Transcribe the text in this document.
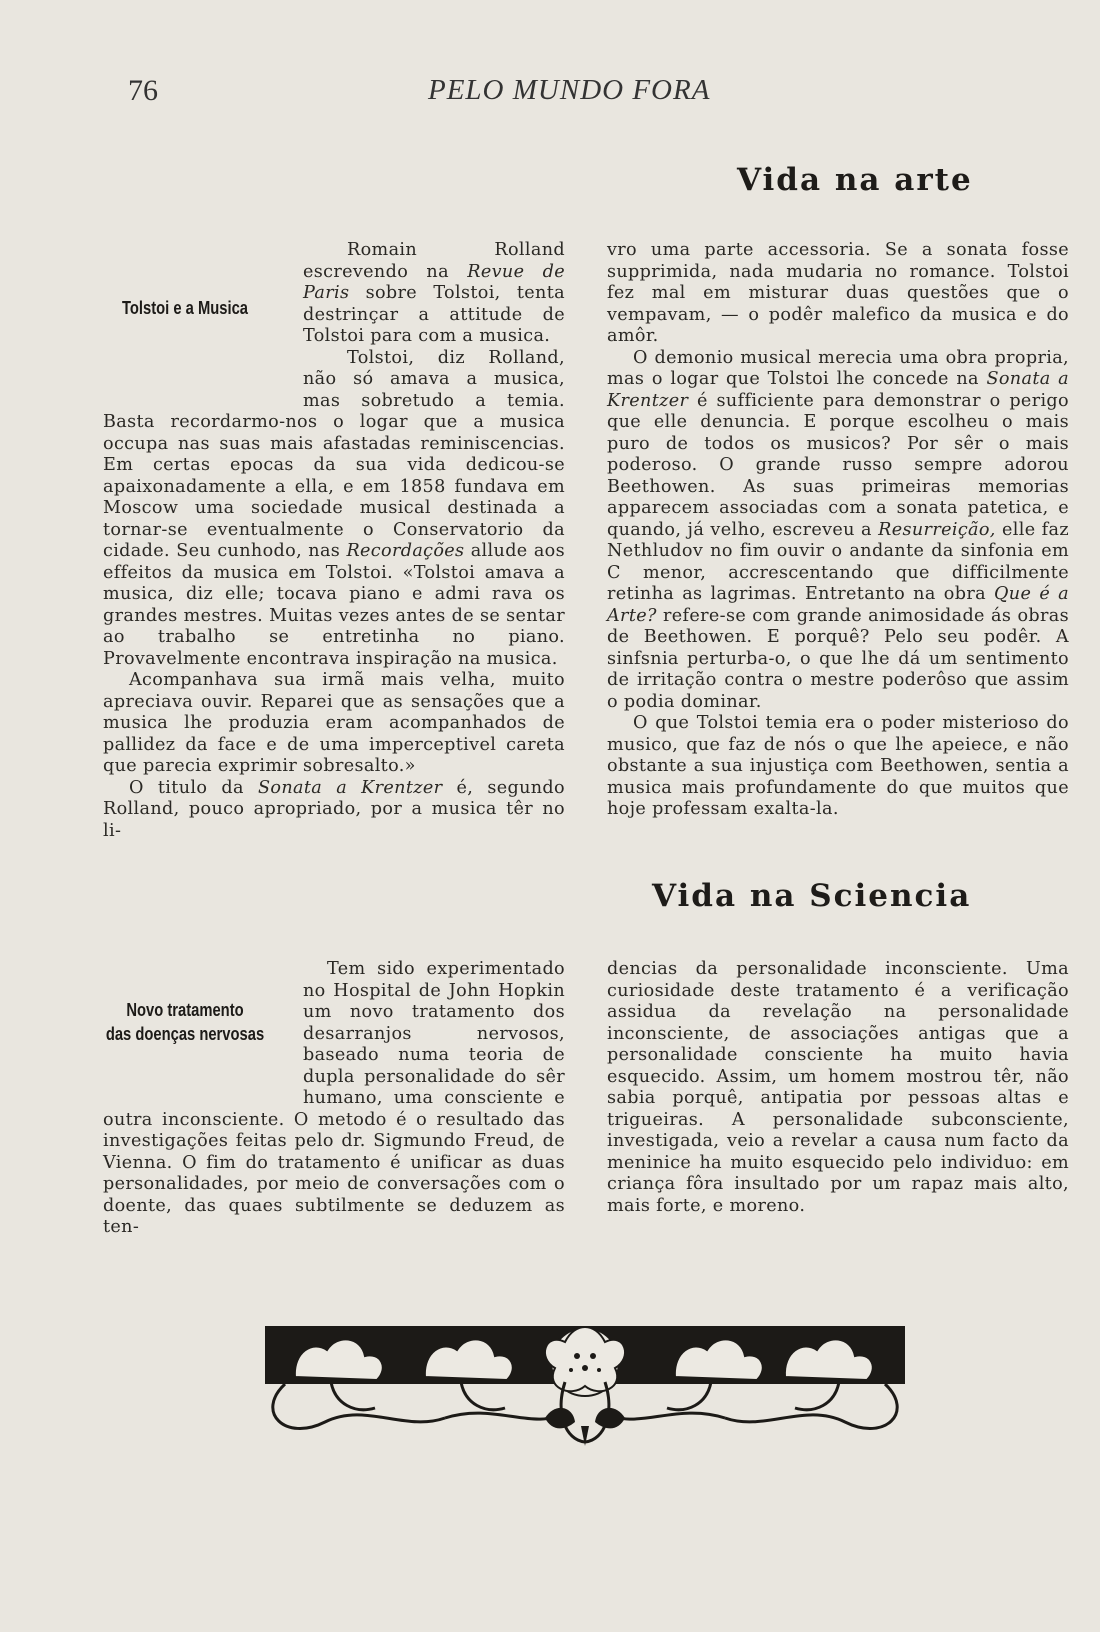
76	PELO MUNDO FORA
Vida na arte
Tolstoi e a Musica

Romain Rolland escrevendo na Revue de Paris sobre Tolstoi, tenta destrinçar a attitude de Tolstoi para com a musica.

Tolstoi, diz Rolland, não só amava a musica, mas sobretudo a temia. Basta recordarmo-nos o logar que a musica occupa nas suas mais afastadas reminiscencias. Em certas epocas da sua vida dedicou-se apaixonadamente a ella, e em 1858 fundava em Moscow uma sociedade musical destinada a tornar-se eventualmente o Conservatorio da cidade. Seu cunhodo, nas Recordações allude aos effeitos da musica em Tolstoi. «Tolstoi amava a musica, diz elle; tocava piano e admi rava os grandes mestres. Muitas vezes antes de se sentar ao trabalho se entretinha no piano. Provavelmente encontrava inspiração na musica.

Acompanhava sua irmã mais velha, muito apreciava ouvir. Reparei que as sensações que a musica lhe produzia eram acompanhados de pallidez da face e de uma imperceptivel careta que parecia exprimir sobresalto.»

O titulo da Sonata a Krentzer é, segundo Rolland, pouco apropriado, por a musica têr no li-

vro uma parte accessoria. Se a sonata fosse supprimida, nada mudaria no romance. Tolstoi fez mal em misturar duas questões que o vempavam, — o podêr malefico da musica e do amôr.

O demonio musical merecia uma obra propria, mas o logar que Tolstoi lhe concede na Sonata a Krentzer é sufficiente para demonstrar o perigo que elle denuncia. E porque escolheu o mais puro de todos os musicos? Por sêr o mais poderoso. O grande russo sempre adorou Beethowen. As suas primeiras memorias apparecem associadas com a sonata patetica, e quando, já velho, escreveu a Resurreição, elle faz Nethludov no fim ouvir o andante da sinfonia em C menor, accrescentando que difficilmente retinha as lagrimas. Entretanto na obra Que é a Arte? refere-se com grande animosidade ás obras de Beethowen. E porquê? Pelo seu podêr. A sinfsnia perturba-o, o que lhe dá um sentimento de irritação contra o mestre poderôso que assim o podia dominar.

O que Tolstoi temia era o poder misterioso do musico, que faz de nós o que lhe apeiece, e não obstante a sua injustiça com Beethowen, sentia a musica mais profundamente do que muitos que hoje professam exalta-la.

Vida na Sciencia
Novo tratamento
das doenças nervosas

Tem sido experimentado no Hospital de John Hopkin um novo tratamento dos desarranjos nervosos, baseado numa teoria de dupla personalidade do sêr humano, uma consciente e outra inconsciente. O metodo é o resultado das investigações feitas pelo dr. Sigmundo Freud, de Vienna. O fim do tratamento é unificar as duas personalidades, por meio de conversações com o doente, das quaes subtilmente se deduzem as ten-

dencias da personalidade inconsciente. Uma curiosidade deste tratamento é a verificação assidua da revelação na personalidade inconsciente, de associações antigas que a personalidade consciente ha muito havia esquecido. Assim, um homem mostrou têr, não sabia porquê, antipatia por pessoas altas e trigueiras. A personalidade subconsciente, investigada, veio a revelar a causa num facto da meninice ha muito esquecido pelo individuo: em criança fôra insultado por um rapaz mais alto, mais forte, e moreno.
